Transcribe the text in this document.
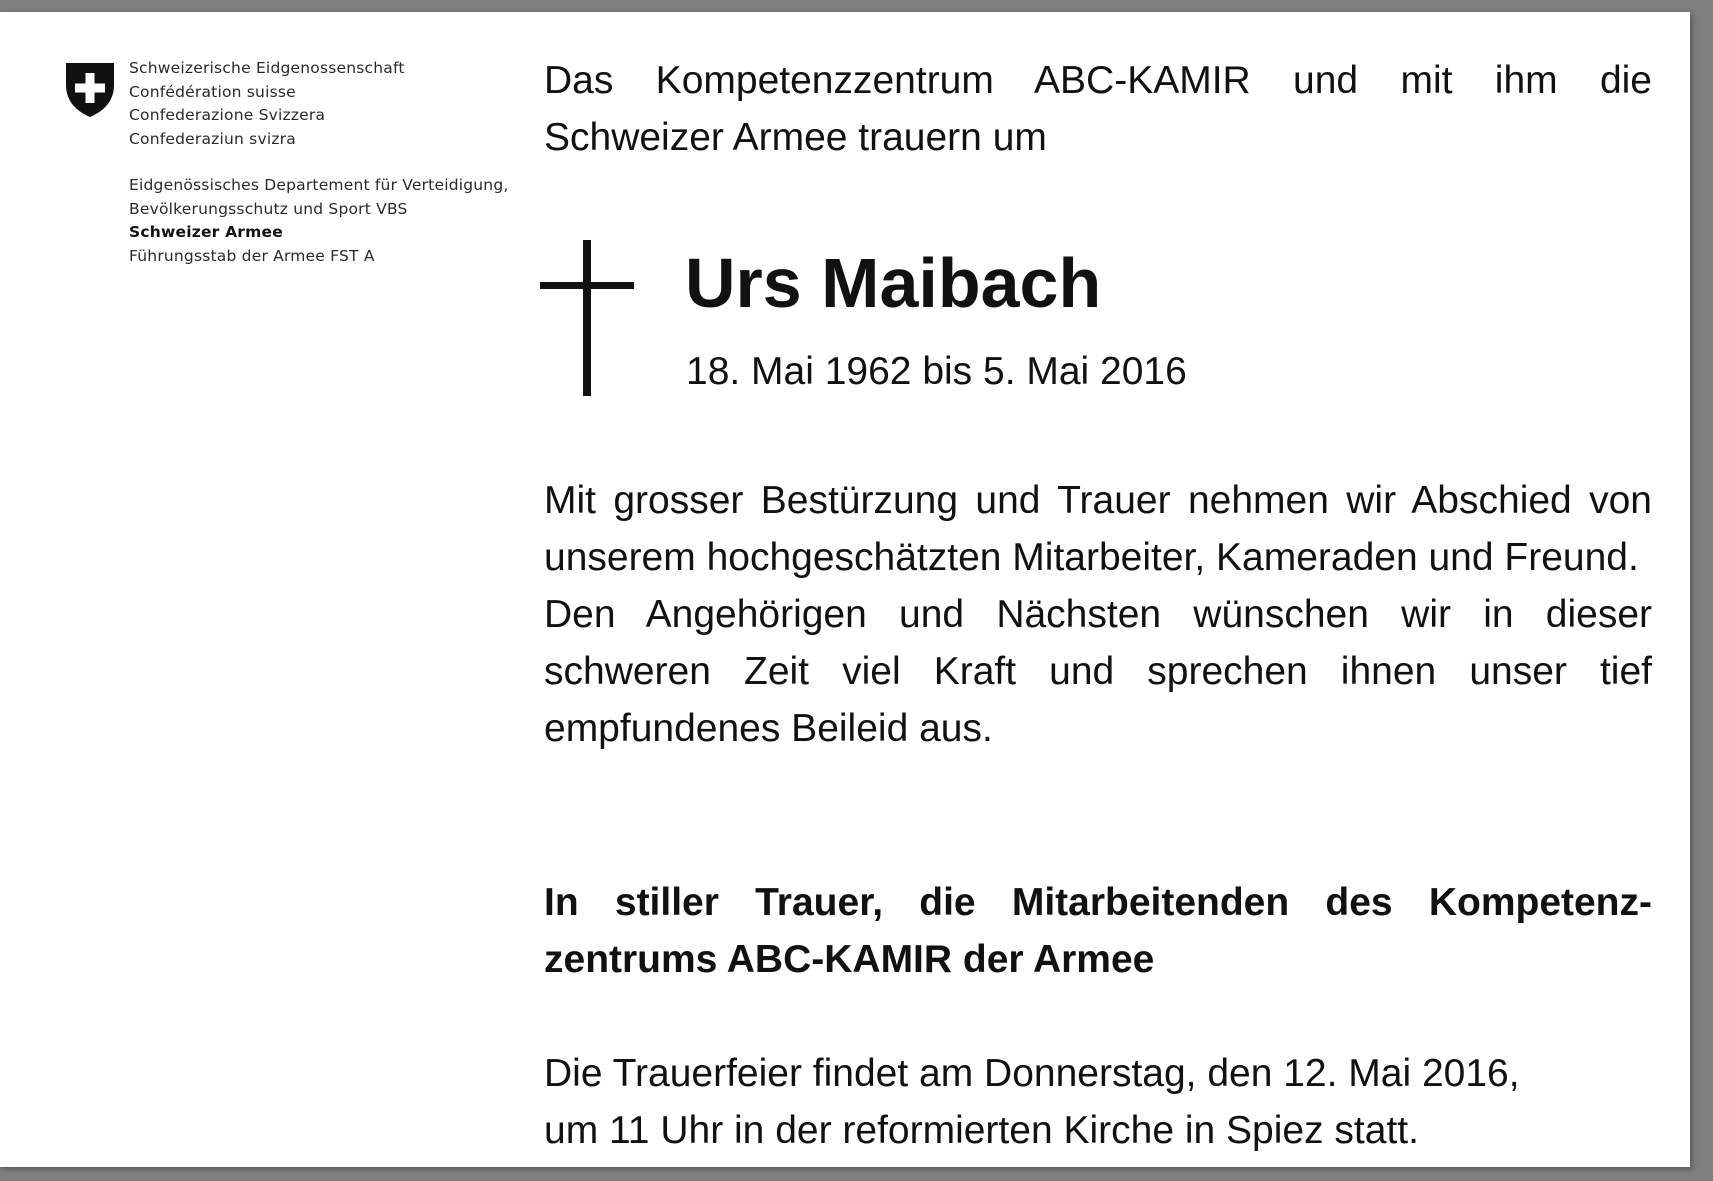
Schweizerische Eidgenossenschaft
Confédération suisse
Confederazione Svizzera
Confederaziun svizra
Eidgenössisches Departement für Verteidigung,
Bevölkerungsschutz und Sport VBS
Schweizer Armee
Führungsstab der Armee FST A
Das Kompetenzzentrum ABC-KAMIR und mit ihm die Schweizer Armee trauern um
Urs Maibach
18. Mai 1962 bis 5. Mai 2016

Mit grosser Bestürzung und Trauer nehmen wir Abschied von unserem hochgeschätzten Mitarbeiter, Kameraden und Freund.

Den Angehörigen und Nächsten wünschen wir in dieser schweren Zeit viel Kraft und sprechen ihnen unser tief empfundenes Beileid aus.

In stiller Trauer, die Mitarbeitenden des Kompetenz-zentrums ABC-KAMIR der Armee
Die Trauerfeier findet am Donnerstag, den 12. Mai 2016,
um 11 Uhr in der reformierten Kirche in Spiez statt.
